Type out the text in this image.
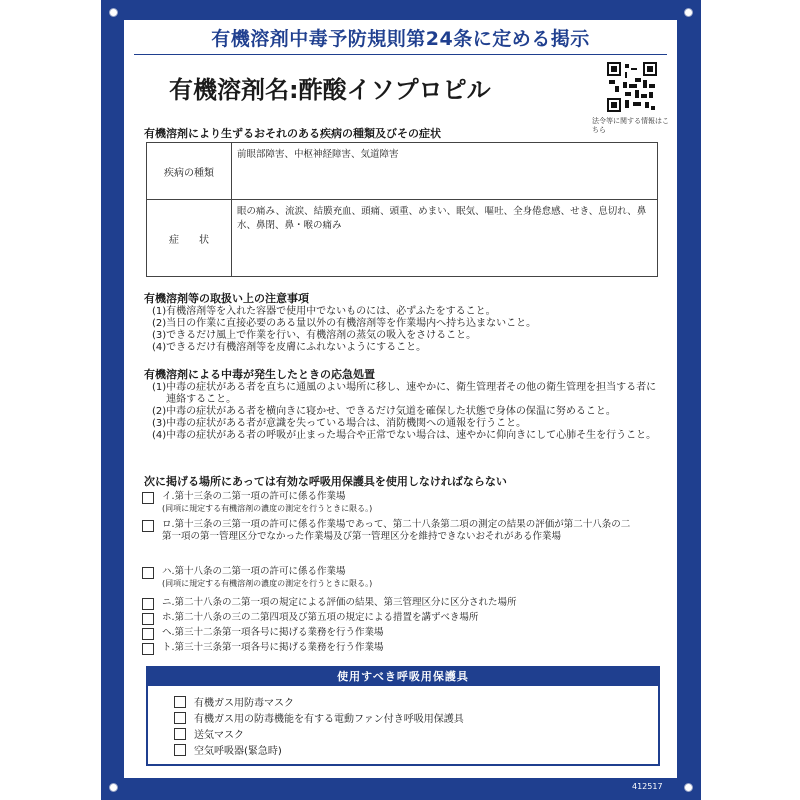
有機溶剤中毒予防規則第24条に定める掲示
有機溶剤名:酢酸イソプロピル
法令等に関する情報はこちら
有機溶剤により生ずるおそれのある疾病の種類及びその症状
疾病の種類	前眼部障害、中枢神経障害、気道障害
症　　状	眼の痛み、流涙、結膜充血、頭痛、頭重、めまい、眠気、嘔吐、全身倦怠感、せき、息切れ、鼻水、鼻閉、鼻・喉の痛み
有機溶剤等の取扱い上の注意事項
(1) 有機溶剤等を入れた容器で使用中でないものには、必ずふたをすること。
(2) 当日の作業に直接必要のある量以外の有機溶剤等を作業場内へ持ち込まないこと。
(3) できるだけ風上で作業を行い、有機溶剤の蒸気の吸入をさけること。
(4) できるだけ有機溶剤等を皮膚にふれないようにすること。
有機溶剤による中毒が発生したときの応急処置
(1) 中毒の症状がある者を直ちに通風のよい場所に移し、速やかに、衛生管理者その他の衛生管理を担当する者に連絡すること。
(2) 中毒の症状がある者を横向きに寝かせ、できるだけ気道を確保した状態で身体の保温に努めること。
(3) 中毒の症状がある者が意識を失っている場合は、消防機関への通報を行うこと。
(4) 中毒の症状がある者の呼吸が止まった場合や正常でない場合は、速やかに仰向きにして心肺そ生を行うこと。
次に掲げる場所にあっては有効な呼吸用保護具を使用しなければならない
イ.第十三条の二第一項の許可に係る作業場
(同項に規定する有機溶剤の濃度の測定を行うときに限る。)
ロ.第十三条の三第一項の許可に係る作業場であって、第二十八条第二項の測定の結果の評価が第二十八条の二第一項の第一管理区分でなかった作業場及び第一管理区分を維持できないおそれがある作業場
ハ.第十八条の二第一項の許可に係る作業場
(同項に規定する有機溶剤の濃度の測定を行うときに限る。)
ニ.第二十八条の二第一項の規定による評価の結果、第三管理区分に区分された場所
ホ.第二十八条の三の二第四項及び第五項の規定による措置を講ずべき場所
ヘ.第三十二条第一項各号に掲げる業務を行う作業場
ト.第三十三条第一項各号に掲げる業務を行う作業場
使用すべき呼吸用保護具
有機ガス用防毒マスク
有機ガス用の防毒機能を有する電動ファン付き呼吸用保護具
送気マスク
空気呼吸器(緊急時)
412517
